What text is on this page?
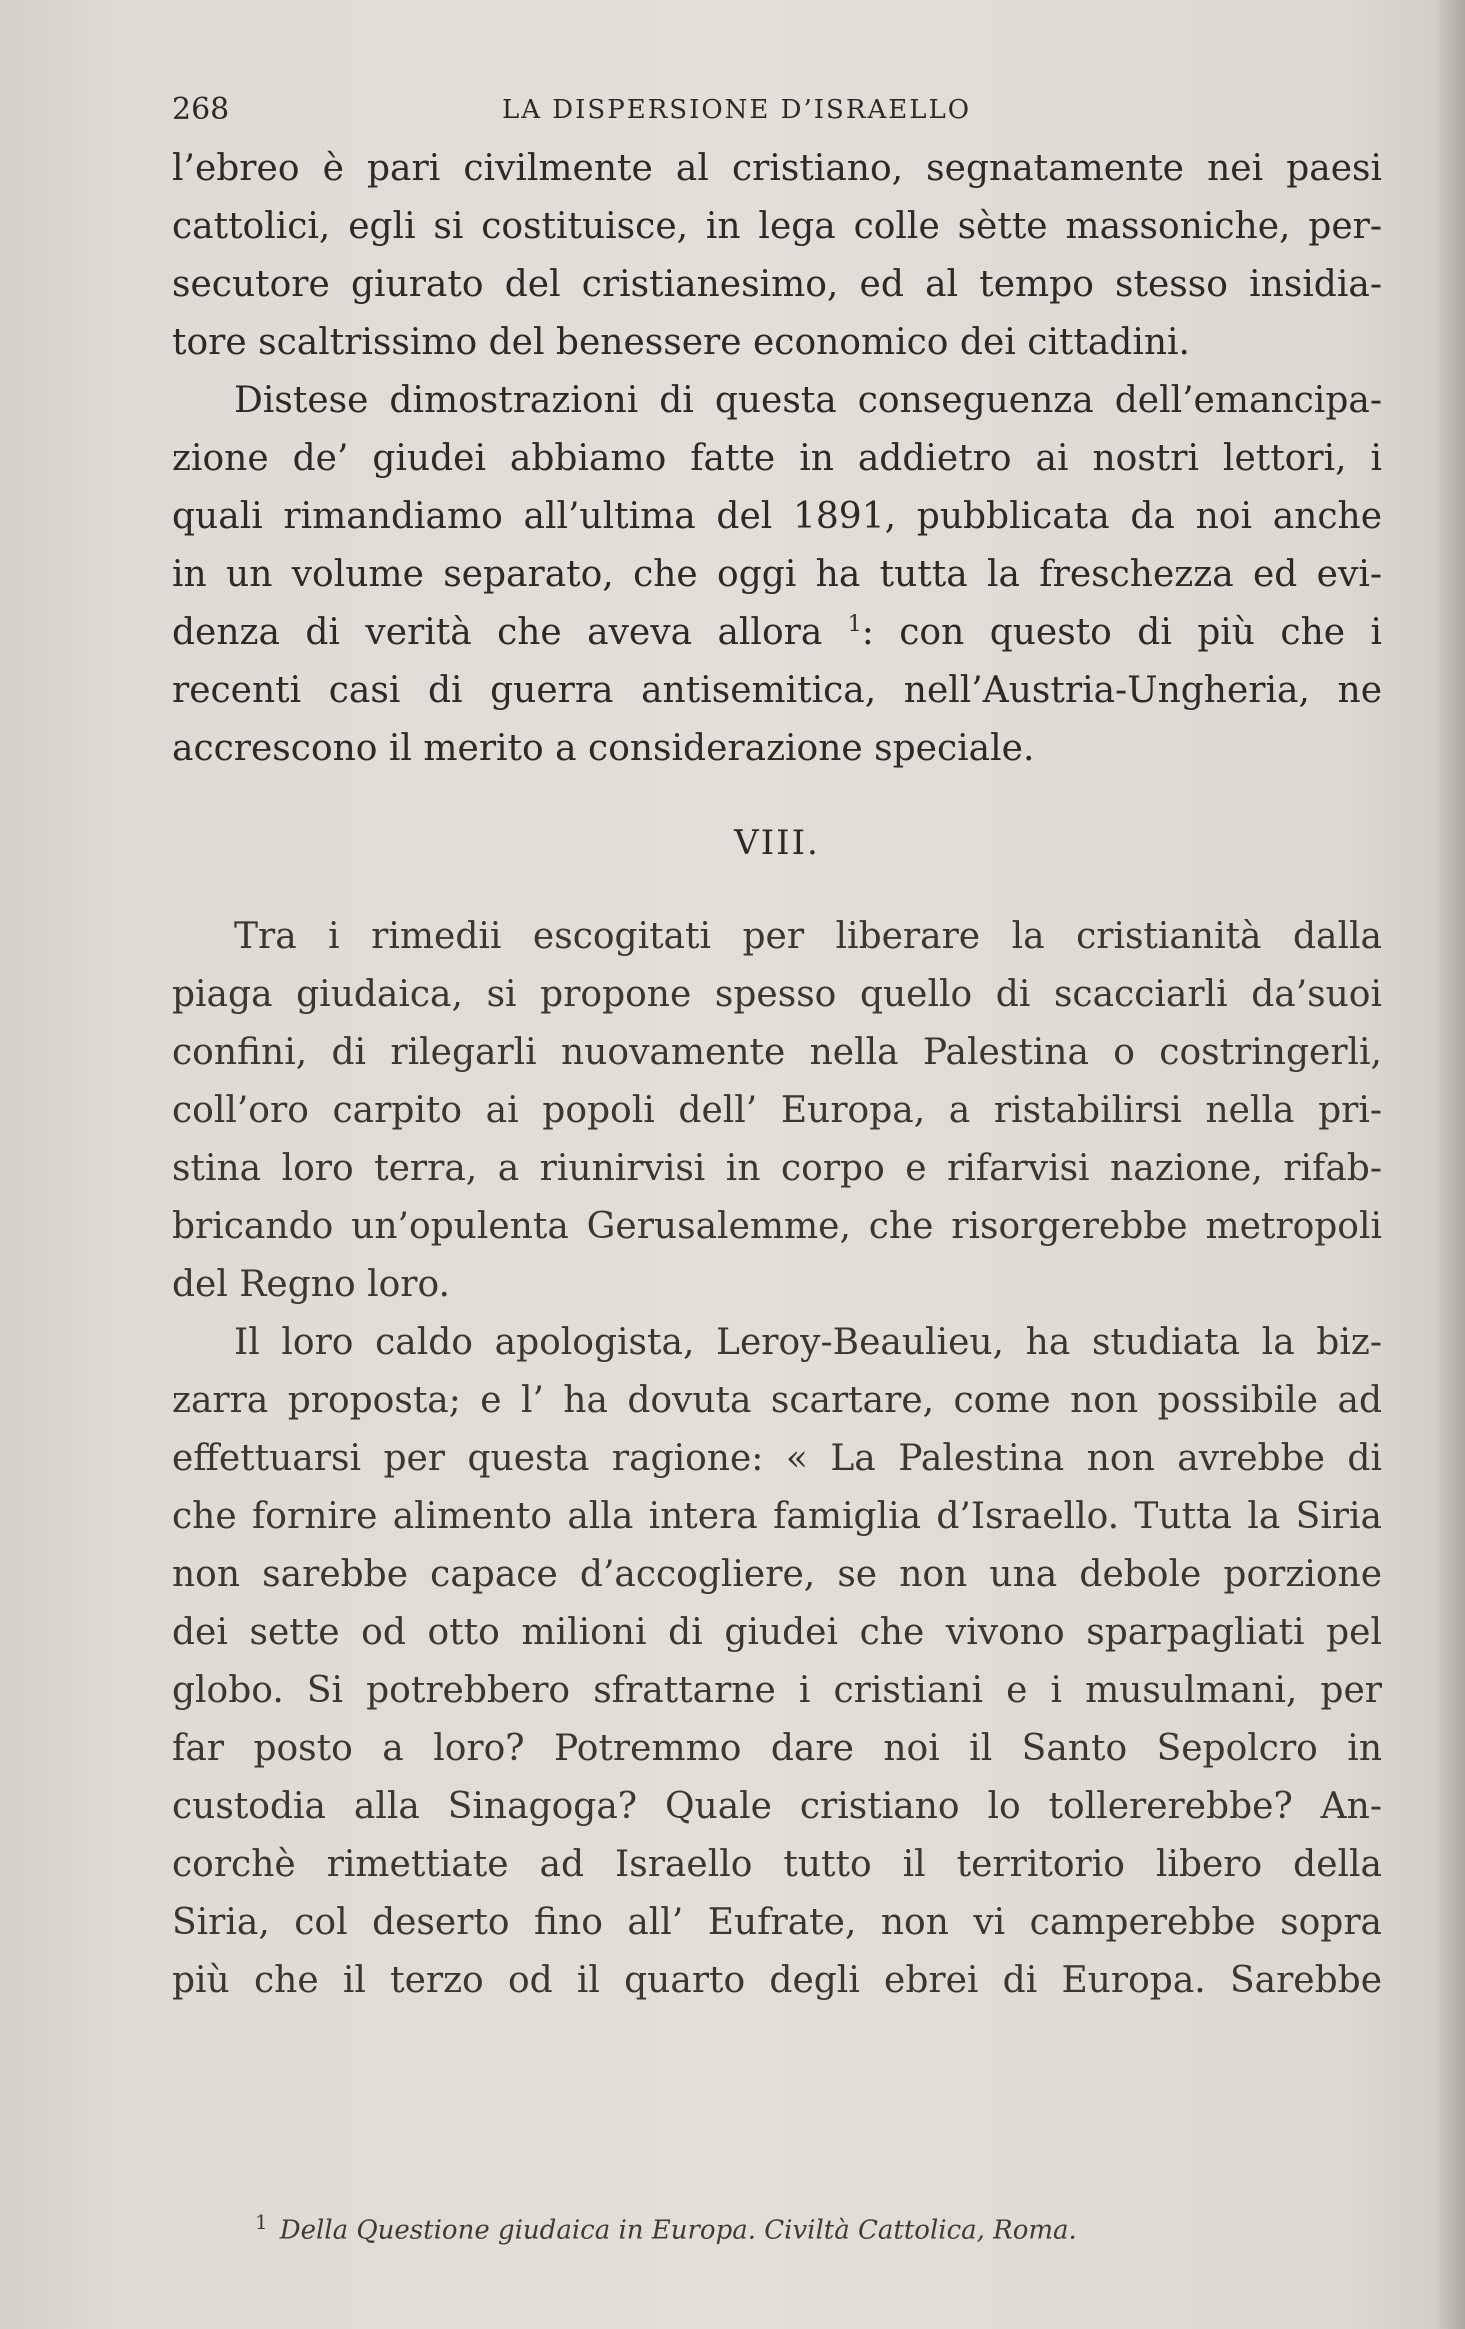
268	LA DISPERSIONE D’ISRAELLO
l’ebreo è pari civilmente al cristiano, segnatamente nei paesi
cattolici, egli si costituisce, in lega colle sètte massoniche, per-
secutore giurato del cristianesimo, ed al tempo stesso insidia-
tore scaltrissimo del benessere economico dei cittadini.
Distese dimostrazioni di questa conseguenza dell’emancipa-
zione de’ giudei abbiamo fatte in addietro ai nostri lettori, i
quali rimandiamo all’ultima del 1891, pubblicata da noi anche
in un volume separato, che oggi ha tutta la freschezza ed evi-
denza di verità che aveva allora $^1$: con questo di più che i
recenti casi di guerra antisemitica, nell’Austria-Ungheria, ne
accrescono il merito a considerazione speciale.
VIII.
Tra i rimedii escogitati per liberare la cristianità dalla
piaga giudaica, si propone spesso quello di scacciarli da’suoi
confini, di rilegarli nuovamente nella Palestina o costringerli,
coll’oro carpito ai popoli dell’ Europa, a ristabilirsi nella pri-
stina loro terra, a riunirvisi in corpo e rifarvisi nazione, rifab-
bricando un’opulenta Gerusalemme, che risorgerebbe metropoli
del Regno loro.
Il loro caldo apologista, Leroy-Beaulieu, ha studiata la biz-
zarra proposta; e l’ ha dovuta scartare, come non possibile ad
effettuarsi per questa ragione: « La Palestina non avrebbe di
che fornire alimento alla intera famiglia d’Israello. Tutta la Siria
non sarebbe capace d’accogliere, se non una debole porzione
dei sette od otto milioni di giudei che vivono sparpagliati pel
globo. Si potrebbero sfrattarne i cristiani e i musulmani, per
far posto a loro? Potremmo dare noi il Santo Sepolcro in
custodia alla Sinagoga? Quale cristiano lo tollererebbe? An-
corchè rimettiate ad Israello tutto il territorio libero della
Siria, col deserto fino all’ Eufrate, non vi camperebbe sopra
più che il terzo od il quarto degli ebrei di Europa. Sarebbe
$^1$ Della Questione giudaica in Europa. Civiltà Cattolica, Roma.
